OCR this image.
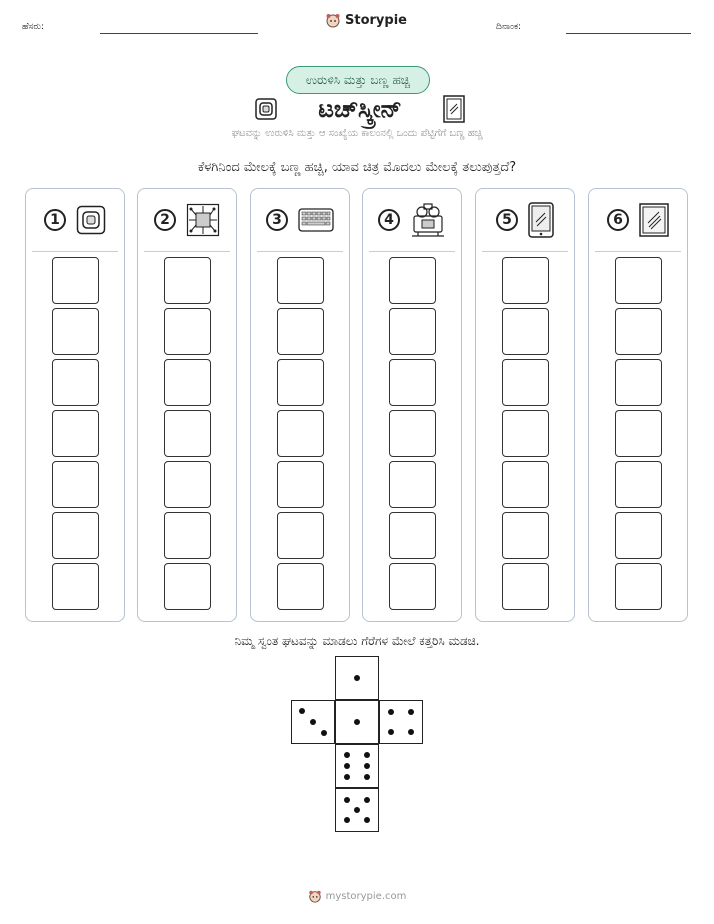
ಹೆಸರು:	Storypie	ದಿನಾಂಕ:
ಉರುಳಿಸಿ ಮತ್ತು ಬಣ್ಣ ಹಚ್ಚಿ
ಟಚ್‌ಸ್ಕ್ರೀನ್
ಘಟವನ್ನು ಉರುಳಿಸಿ ಮತ್ತು ಆ ಸಂಖ್ಯೆಯ ಕಾಲಂನಲ್ಲಿ ಒಂದು ಪೆಟ್ಟಿಗೆಗೆ ಬಣ್ಣ ಹಚ್ಚಿ
ಕೆಳಗಿನಿಂದ ಮೇಲಕ್ಕೆ ಬಣ್ಣ ಹಚ್ಚಿ, ಯಾವ ಚಿತ್ರ ಮೊದಲು ಮೇಲಕ್ಕೆ ತಲುಪುತ್ತದೆ?
1	2	3	4	5	6
ನಿಮ್ಮ ಸ್ವಂತ ಘಟವನ್ನು ಮಾಡಲು ಗೆರೆಗಳ ಮೇಲೆ ಕತ್ತರಿಸಿ ಮಡಚಿ.
mystorypie.com
